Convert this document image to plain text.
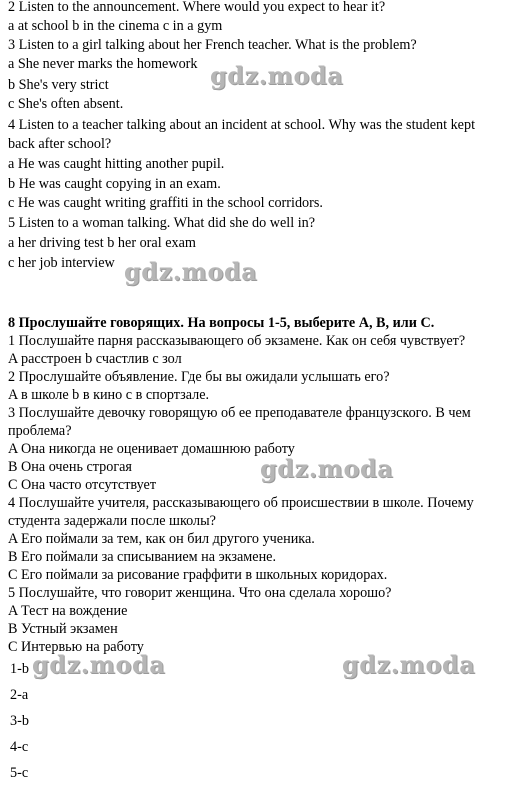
2 Listen to the announcement. Where would you expect to hear it?
a at school b in the cinema c in a gym
3 Listen to a girl talking about her French teacher. What is the problem?
a She never marks the homework
b She's very strict
c She's often absent.
4 Listen to a teacher talking about an incident at school. Why was the student kept
back after school?
a He was caught hitting another pupil.
b He was caught copying in an exam.
c He was caught writing graffiti in the school corridors.
5 Listen to a woman talking. What did she do well in?
a her driving test b her oral exam
c her job interview
8 Прослушайте говорящих. На вопросы 1-5, выберите A, B, или C.
1 Послушайте парня рассказывающего об экзамене. Как он себя чувствует?
A расстроен b счастлив c зол
2 Прослушайте объявление. Где бы вы ожидали услышать его?
A в школе b в кино c в спортзале.
3 Послушайте девочку говорящую об ее преподавателе французского. В чем
проблема?
A Она никогда не оценивает домашнюю работу
B Она очень строгая
C Она часто отсутствует
4 Послушайте учителя, рассказывающего об происшествии в школе. Почему
студента задержали после школы?
A Его поймали за тем, как он бил другого ученика.
B Его поймали за списыванием на экзамене.
C Его поймали за рисование граффити в школьных коридорах.
5 Послушайте, что говорит женщина. Что она сделала хорошо?
A Тест на вождение
B Устный экзамен
C Интервью на работу
1-b
2-a
3-b
4-c
5-c
gdz.moda
gdz.moda
gdz.moda
gdz.moda	gdz.moda
